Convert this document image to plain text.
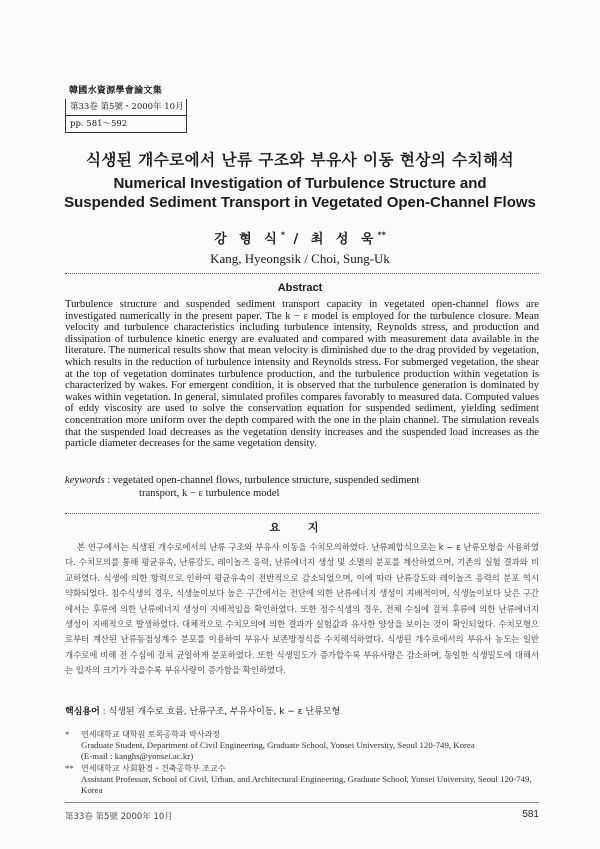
韓國水資源學會論文集
第33卷 第5號・2000年 10月
pp. 581～592
식생된 개수로에서 난류 구조와 부유사 이동 현상의 수치해석
Numerical Investigation of Turbulence Structure and
Suspended Sediment Transport in Vegetated Open-Channel Flows
강 형 식* / 최 성 욱**
Kang, Hyeongsik / Choi, Sung-Uk
Abstract
Turbulence structure and suspended sediment transport capacity in vegetated open-channel flows are investigated numerically in the present paper. The k − ε model is employed for the turbulence closure. Mean velocity and turbulence characteristics including turbulence intensity, Reynolds stress, and production and dissipation of turbulence kinetic energy are evaluated and compared with measurement data available in the literature. The numerical results show that mean velocity is diminished due to the drag provided by vegetation, which results in the reduction of turbulence intensity and Reynolds stress. For submerged vegetation, the shear at the top of vegetation dominates turbulence production, and the turbulence production within vegetation is characterized by wakes. For emergent condition, it is observed that the turbulence generation is dominated by wakes within vegetation. In general, simulated profiles compares favorably to measured data. Computed values of eddy viscosity are used to solve the conservation equation for suspended sediment, yielding sediment concentration more uniform over the depth compared with the one in the plain channel. The simulation reveals that the suspended load decreases as the vegetation density increases and the suspended load increases as the particle diameter decreases for the same vegetation density.
keywords : vegetated open-channel flows, turbulence structure, suspended sediment
transport, k − ε turbulence model
요 지
본 연구에서는 식생된 개수로에서의 난류 구조와 부유사 이동을 수치모의하였다. 난류폐합식으로는 k − ε 난류모형을 사용하였다. 수치모의를 통해 평균유속, 난류강도, 레이놀즈 응력, 난류에너지 생성 및 소멸의 분포를 계산하였으며, 기존의 실험 결과와 비교하였다. 식생에 의한 항력으로 인하여 평균유속이 전반적으로 감소되었으며, 이에 따라 난류강도와 레이놀즈 응력의 분포 역시 약화되었다. 침수식생의 경우, 식생높이보다 높은 구간에서는 전단에 의한 난류에너지 생성이 지배적이며, 식생높이보다 낮은 구간에서는 후류에 의한 난류에너지 생성이 지배적임을 확인하였다. 또한 정수식생의 경우, 전체 수심에 걸쳐 후류에 의한 난류에너지 생성이 지배적으로 발생하였다. 대체적으로 수치모의에 의한 결과가 실험값과 유사한 양상을 보이는 것이 확인되었다. 수치모형으로부터 계산된 난류동점성계수 분포를 이용하여 부유사 보존방정식을 수치해석하였다. 식생된 개수로에서의 부유사 농도는 일반 개수로에 비해 전 수심에 걸쳐 균일하게 분포하였다. 또한 식생밀도가 증가할수록 부유사량은 감소하며, 동일한 식생밀도에 대해서는 입자의 크기가 작을수록 부유사량이 증가함을 확인하였다.
핵심용어 : 식생된 개수로 흐름, 난류구조, 부유사이동, k − ε 난류모형
* 연세대학교 대학원 토목공학과 박사과정
Graduate Student, Department of Civil Engineering, Graduate School, Yonsei University, Seoul 120-749, Korea
(E-mail : kanghs@yonsei.ac.kr)
** 연세대학교 사회환경・건축공학부 조교수
Assistant Professor, School of Civil, Urban, and Architectural Engineering, Graduate School, Yonsei University, Seoul 120-749, Korea
第33卷 第5號 2000年 10月	581
